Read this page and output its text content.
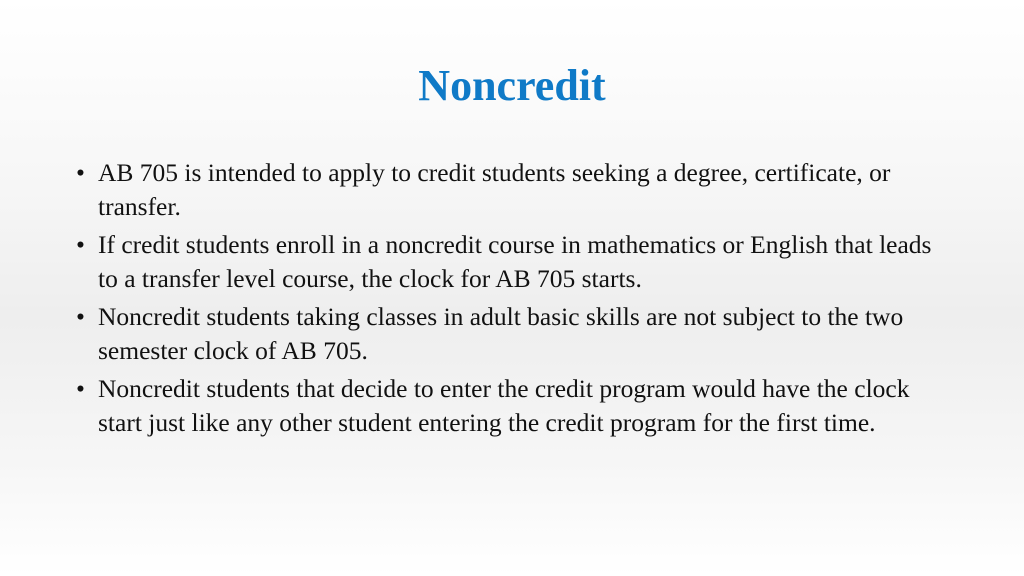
Noncredit
• AB 705 is intended to apply to credit students seeking a degree, certificate, or transfer.
• If credit students enroll in a noncredit course in mathematics or English that leads to a transfer level course, the clock for AB 705 starts.
• Noncredit students taking classes in adult basic skills are not subject to the two semester clock of AB 705.
• Noncredit students that decide to enter the credit program would have the clock start just like any other student entering the credit program for the first time.
